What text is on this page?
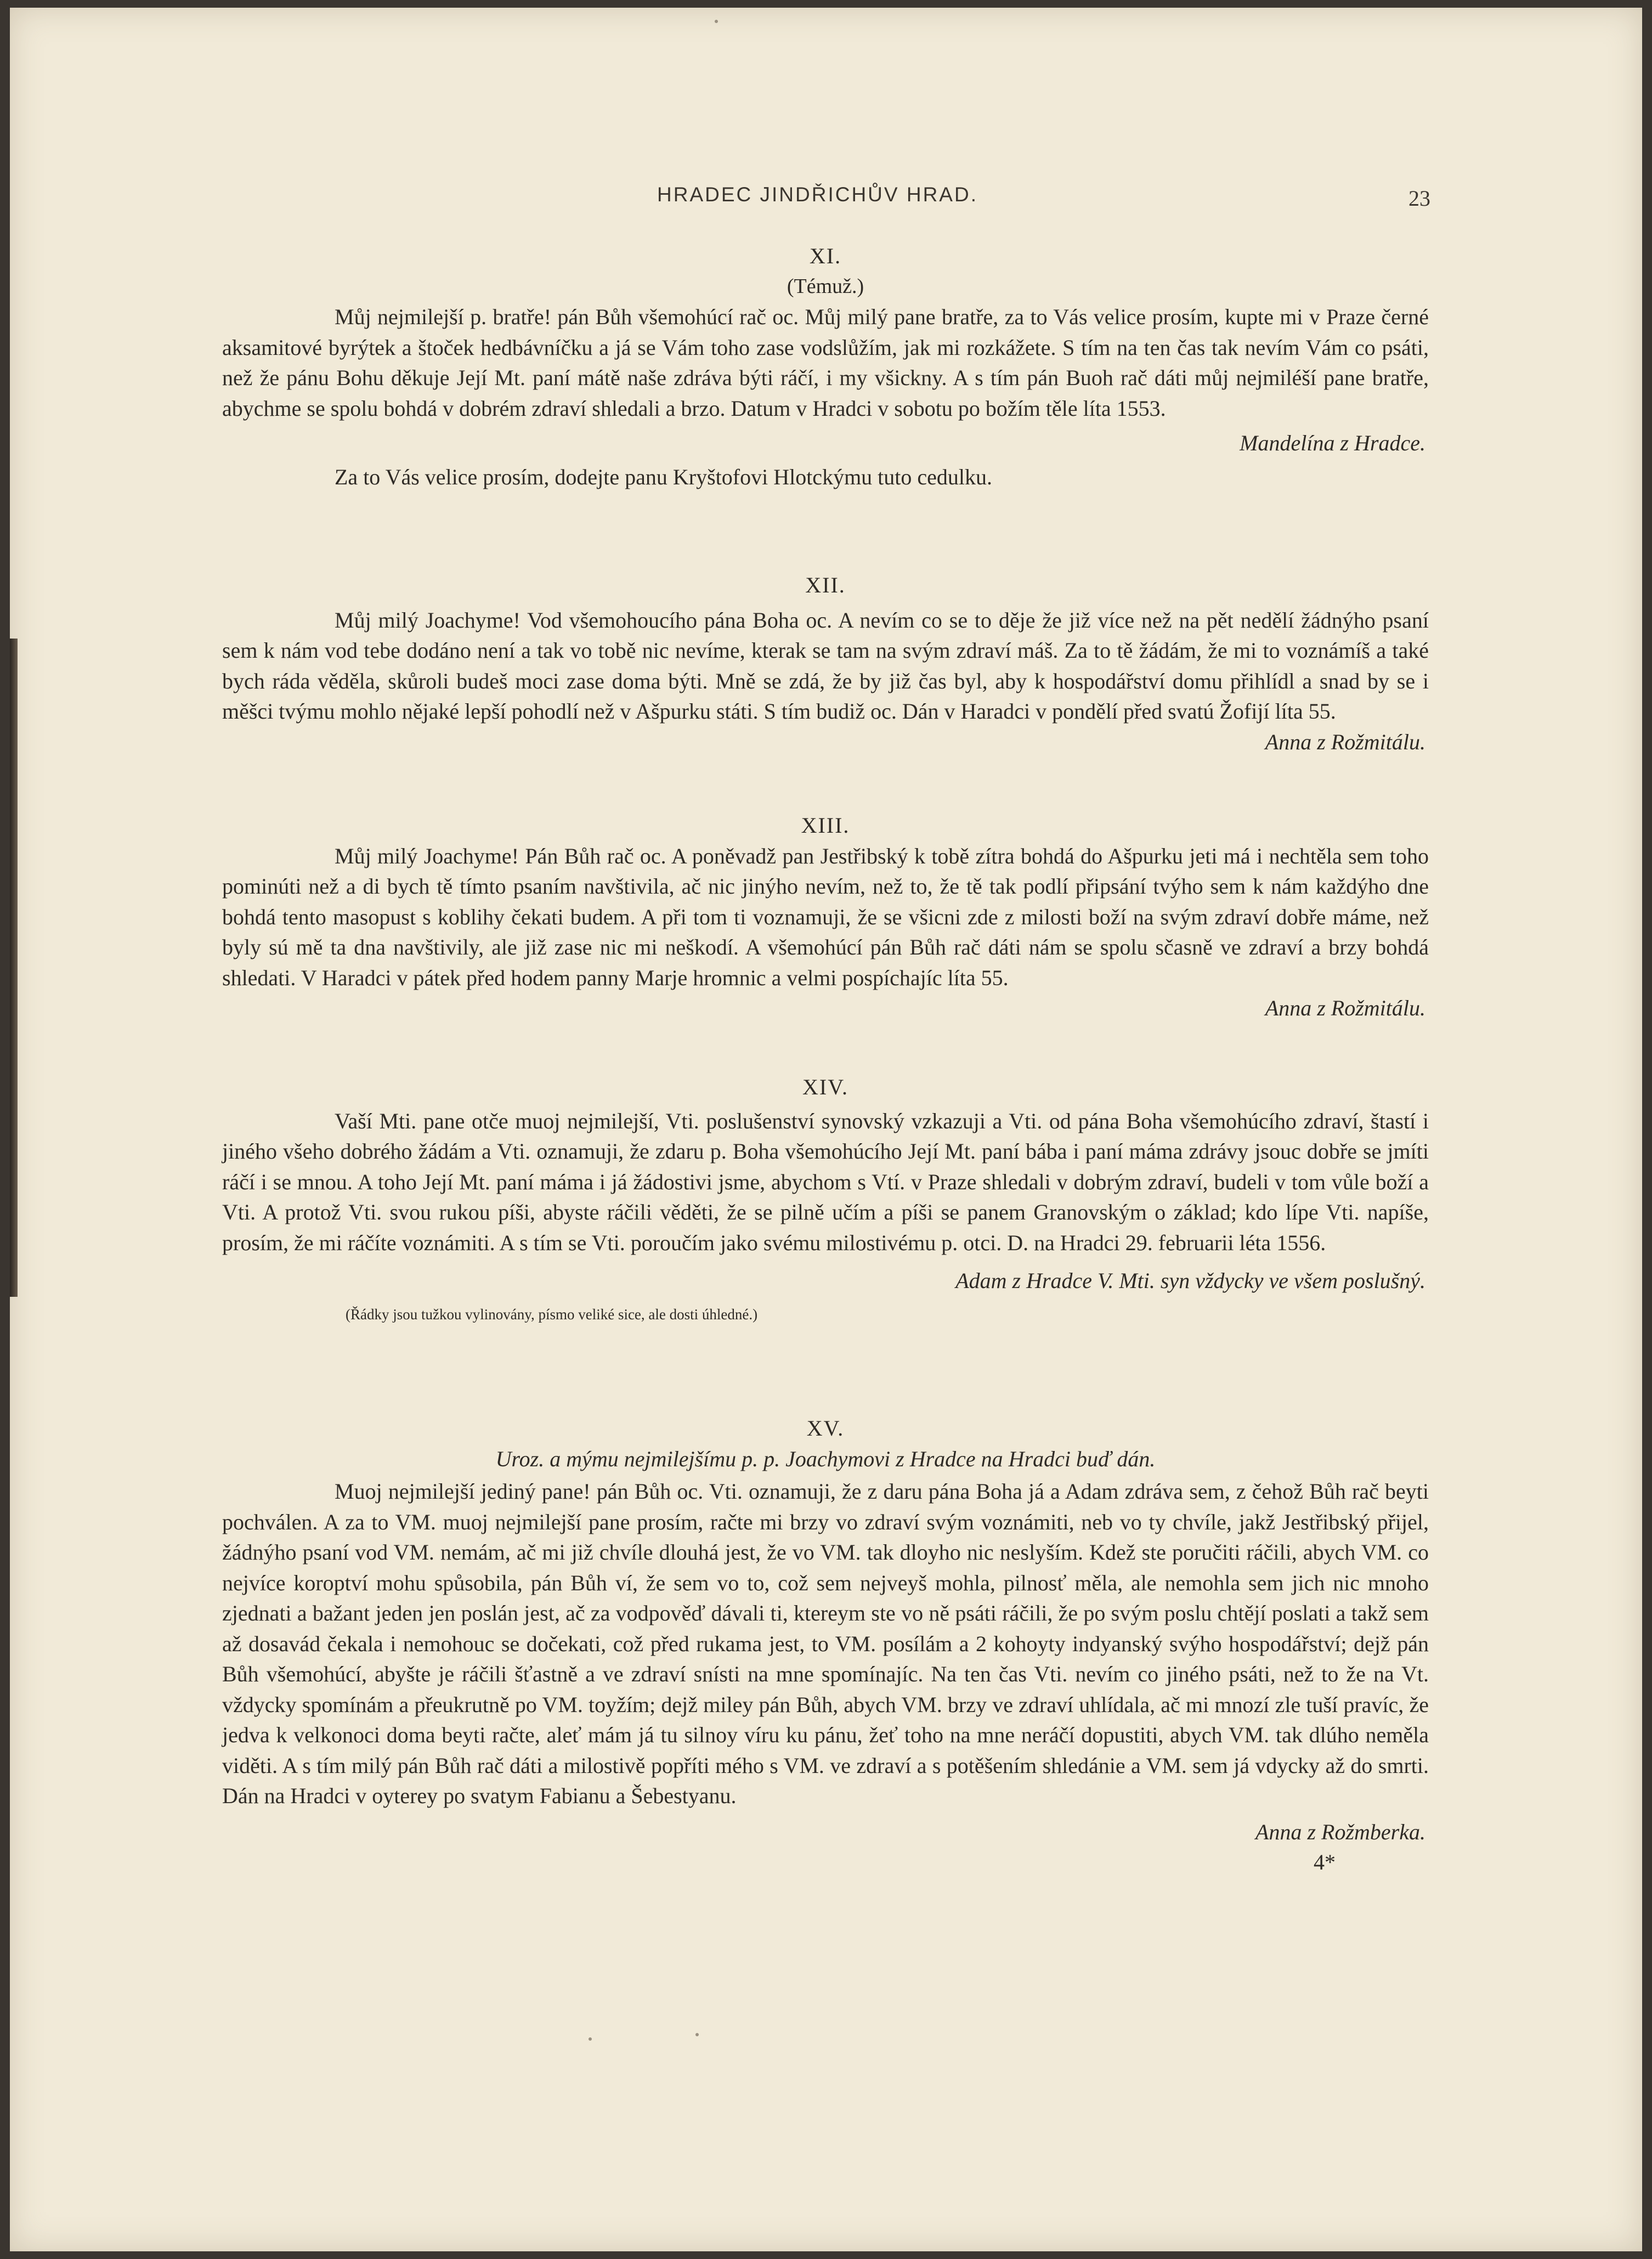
HRADEC JINDŘICHŮV HRAD.	23
XI.
(Témuž.)

Můj nejmilejší p. bratře! pán Bůh všemohúcí rač oc. Můj milý pane bratře, za to Vás velice prosím, kupte mi v Praze černé aksamitové byrýtek a štoček hedbávníčku a já se Vám toho zase vodslůžím, jak mi rozkážete. S tím na ten čas tak nevím Vám co psáti, než že pánu Bohu děkuje Její Mt. paní mátě naše zdráva býti ráčí, i my všickny. A s tím pán Buoh rač dáti můj nejmiléší pane bratře, abychme se spolu bohdá v dobrém zdraví shledali a brzo. Datum v Hradci v sobotu po božím těle líta 1553.

Mandelína z Hradce.

Za to Vás velice prosím, dodejte panu Kryštofovi Hlotckýmu tuto cedulku.

XII.

Můj milý Joachyme! Vod všemohoucího pána Boha oc. A nevím co se to děje že již více než na pět nedělí žádnýho psaní sem k nám vod tebe dodáno není a tak vo tobě nic nevíme, kterak se tam na svým zdraví máš. Za to tě žádám, že mi to voznámíš a také bych ráda věděla, skůroli budeš moci zase doma býti. Mně se zdá, že by již čas byl, aby k hospodářství domu přihlídl a snad by se i měšci tvýmu mohlo nějaké lepší pohodlí než v Ašpurku státi. S tím budiž oc. Dán v Haradci v pondělí před svatú Žofijí líta 55.

Anna z Rožmitálu.

XIII.

Můj milý Joachyme! Pán Bůh rač oc. A poněvadž pan Jestřibský k tobě zítra bohdá do Ašpurku jeti má i nechtěla sem toho pominúti než a di bych tě tímto psaním navštivila, ač nic jinýho nevím, než to, že tě tak podlí připsání tvýho sem k nám každýho dne bohdá tento masopust s koblihy čekati budem. A při tom ti voznamuji, že se všicni zde z milosti boží na svým zdraví dobře máme, než byly sú mě ta dna navštivily, ale již zase nic mi neškodí. A všemohúcí pán Bůh rač dáti nám se spolu sčasně ve zdraví a brzy bohdá shledati. V Haradci v pátek před hodem panny Marje hromnic a velmi pospíchajíc líta 55.

Anna z Rožmitálu.

XIV.

Vaší Mti. pane otče muoj nejmilejší, Vti. poslušenství synovský vzkazuji a Vti. od pána Boha všemohúcího zdraví, štastí i jiného všeho dobrého žádám a Vti. oznamuji, že zdaru p. Boha všemohúcího Její Mt. paní bába i paní máma zdrávy jsouc dobře se jmíti ráčí i se mnou. A toho Její Mt. paní máma i já žádostivi jsme, abychom s Vtí. v Praze shledali v dobrým zdraví, budeli v tom vůle boží a Vti. A protož Vti. svou rukou píši, abyste ráčili věděti, že se pilně učím a píši se panem Granovským o základ; kdo lípe Vti. napíše, prosím, že mi ráčíte voznámiti. A s tím se Vti. poroučím jako svému milostivému p. otci. D. na Hradci 29. februarii léta 1556.

Adam z Hradce V. Mti. syn vždycky ve všem poslušný.

(Řádky jsou tužkou vylinovány, písmo veliké sice, ale dosti úhledné.)

XV.
Uroz. a mýmu nejmilejšímu p. p. Joachymovi z Hradce na Hradci buď dán.

Muoj nejmilejší jediný pane! pán Bůh oc. Vti. oznamuji, že z daru pána Boha já a Adam zdráva sem, z čehož Bůh rač beyti pochválen. A za to VM. muoj nejmilejší pane prosím, račte mi brzy vo zdraví svým voznámiti, neb vo ty chvíle, jakž Jestřibský přijel, žádnýho psaní vod VM. nemám, ač mi již chvíle dlouhá jest, že vo VM. tak dloyho nic neslyším. Kdež ste poručiti ráčili, abych VM. co nejvíce koroptví mohu spůsobila, pán Bůh ví, že sem vo to, což sem nejveyš mohla, pilnosť měla, ale nemohla sem jich nic mnoho zjednati a bažant jeden jen poslán jest, ač za vodpověď dávali ti, ktereym ste vo ně psáti ráčili, že po svým poslu chtějí poslati a takž sem až dosavád čekala i nemohouc se dočekati, což před rukama jest, to VM. posílám a 2 kohoyty indyanský svýho hospodářství; dejž pán Bůh všemohúcí, abyšte je ráčili šťastně a ve zdraví snísti na mne spomínajíc. Na ten čas Vti. nevím co jiného psáti, než to že na Vt. vždycky spomínám a přeukrutně po VM. toyžím; dejž miley pán Bůh, abych VM. brzy ve zdraví uhlídala, ač mi mnozí zle tuší pravíc, že jedva k velkonoci doma beyti račte, aleť mám já tu silnoy víru ku pánu, žeť toho na mne neráčí dopustiti, abych VM. tak dlúho neměla viděti. A s tím milý pán Bůh rač dáti a milostivě popříti mého s VM. ve zdraví a s potěšením shledánie a VM. sem já vdycky až do smrti. Dán na Hradci v oyterey po svatym Fabianu a Šebestyanu.

Anna z Rožmberka.

4*
